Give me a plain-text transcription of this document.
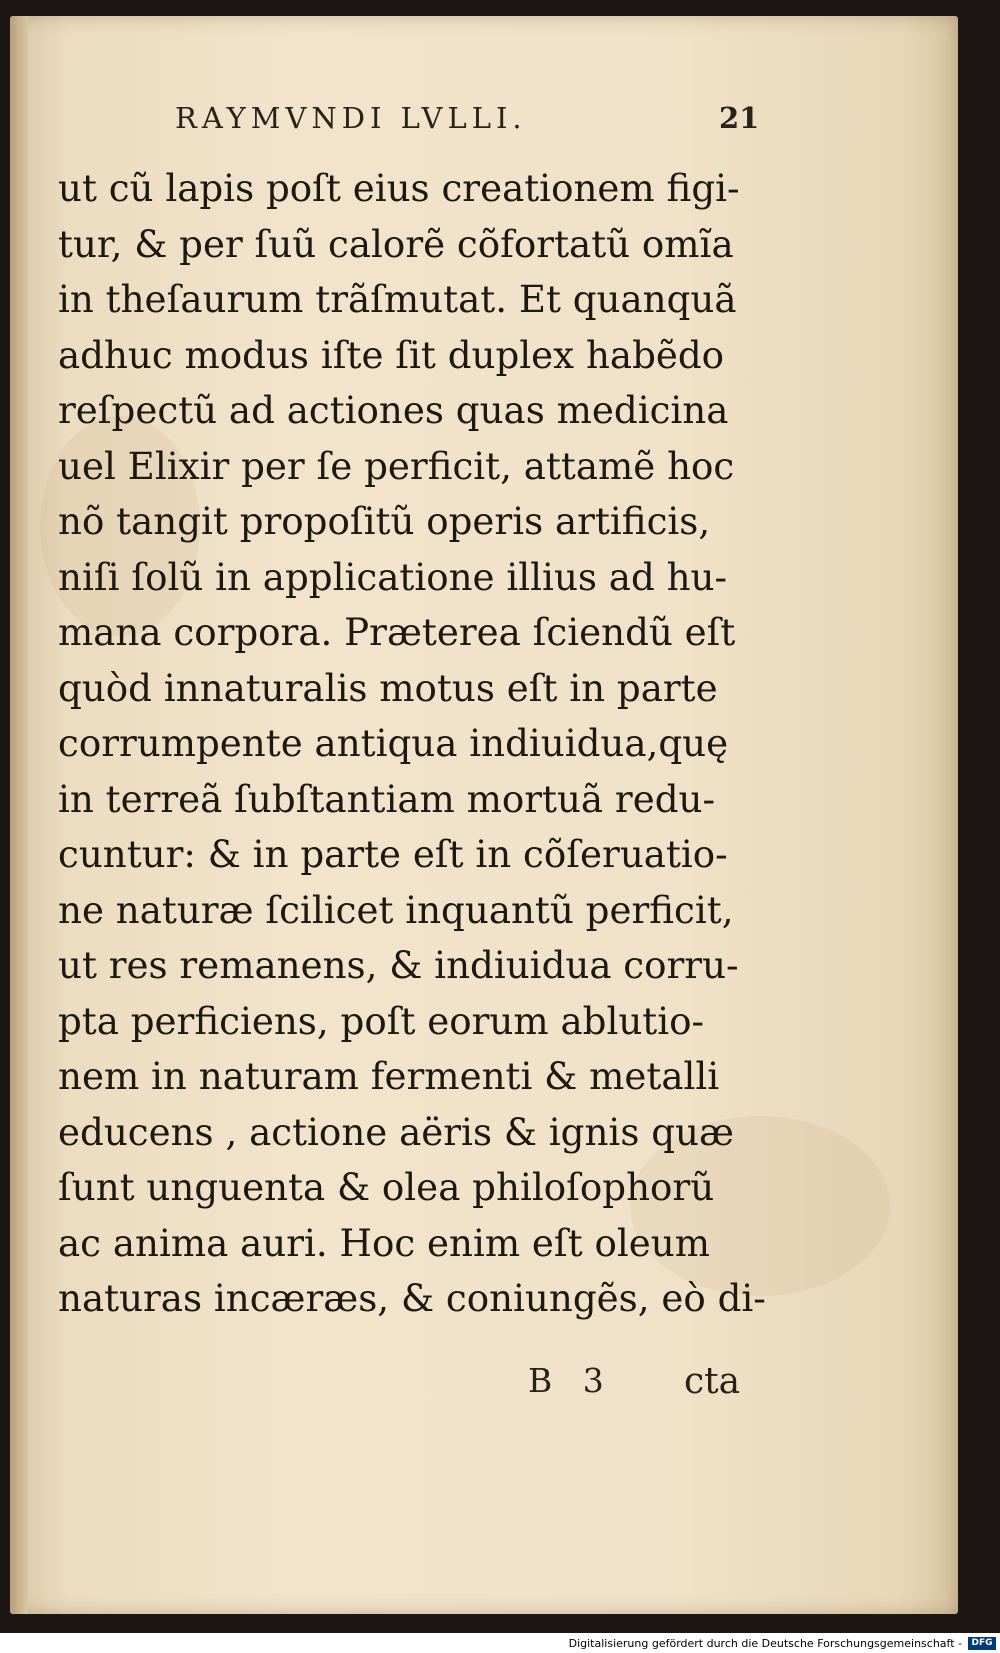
RAYMVNDI LVLLI.	21
ut cũ lapis poſt eius creationem figi-
tur, & per ſuũ calorẽ cõfortatũ omĩa
in theſaurum trãſmutat. Et quanquã
adhuc modus iſte ſit duplex habẽdo
reſpectũ ad actiones quas medicina
uel Elixir per ſe perficit, attamẽ hoc
nõ tangit propoſitũ operis artificis,
niſi ſolũ in applicatione illius ad hu-
mana corpora. Præterea ſciendũ eſt
quòd innaturalis motus eſt in parte
corrumpente antiqua indiuidua,quę
in terreã ſubſtantiam mortuã redu-
cuntur: & in parte eſt in cõſeruatio-
ne naturæ ſcilicet inquantũ perficit,
ut res remanens, & indiuidua corru-
pta perficiens, poſt eorum ablutio-
nem in naturam fermenti & metalli
educens , actione aëris & ignis quæ
ſunt unguenta & olea philoſophorũ
ac anima auri. Hoc enim eſt oleum
naturas incæræs, & coniungẽs, eò di-
B 3 cta
Digitalisierung gefördert durch die Deutsche Forschungsgemeinschaft -	DFG
